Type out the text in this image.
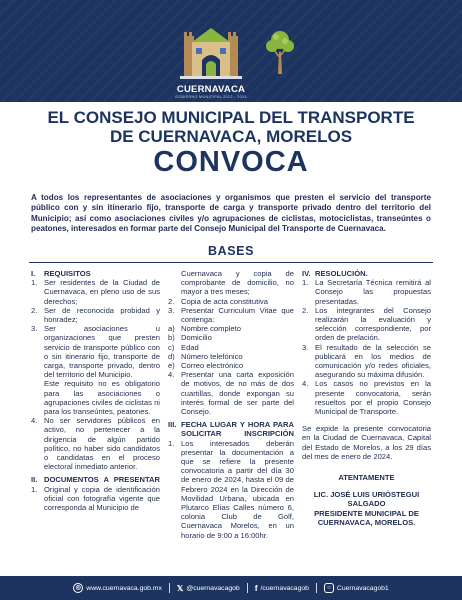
CUERNAVACA
GOBIERNO MUNICIPAL 2022 - 2024
EL CONSEJO MUNICIPAL DEL TRANSPORTE
DE CUERNAVACA, MORELOS
CONVOCA

A todos los representantes de asociaciones y organismos que presten el servicio del transporte público con y sin itinerario fijo, transporte de carga y transporte privado dentro del territorio del Municipio; así como asociaciones civiles y/o agrupaciones de ciclistas, motociclistas, transeúntes o peatones, interesados en formar parte del Consejo Municipal del Transporte de Cuernavaca.

BASES
I. REQUISITOS
1. Ser residentes de la Ciudad de Cuernavaca, en pleno uso de sus derechos;
2. Ser de reconocida probidad y honradez;
3. Ser asociaciones u organizaciones que presten servicio de transporte público con o sin itinerario fijo, transporte de carga, transporte privado, dentro del territorio del Municipio.
Este requisito no es obligatorio para las asociaciones o agrupaciones civiles de ciclistas ni para los transeúntes, peatones.
4. No ser servidores públicos en activo, no pertenecer a la dirigencia de algún partido político, no haber sido candidatos o candidatas en el proceso electoral inmediato anterior.
II. DOCUMENTOS A PRESENTAR
1. Original y copia de identificación oficial con fotografía vigente que corresponda al Municipio de
Cuernavaca y copia de comprobante de domicilio, no mayor a tres meses;
2. Copia de acta constitutiva
3. Presentar Curriculum Vitae que contenga:
a) Nombre completo
b) Domicilio
c) Edad
d) Número telefónico
e) Correo electrónico
4. Presentar una carta exposición de motivos, de no más de dos cuartillas, donde expongan su interés formal de ser parte del Consejo.
III. FECHA LUGAR Y HORA PARA SOLICITAR INSCRIPCIÓN
1. Los interesados deberán presentar la documentación a que se refiere la presente convocatoria a partir del día 30 de enero de 2024, hasta el 09 de Febrero 2024 en la Dirección de Movilidad Urbana, ubicada en Plutarco Elías Calles número 6, colonia Club de Golf, Cuernavaca Morelos, en un horario de 9:00 a 16:00hr.
IV. RESOLUCIÓN.
1. La Secretaría Técnica remitirá al Consejo las propuestas presentadas.
2. Los integrantes del Consejo realizarán la evaluación y selección correspondiente, por orden de prelación.
3. El resultado de la selección se publicará en los medios de comunicación y/o redes oficiales, asegurando su máxima difusión.
4. Los casos no previstos en la presente convocatoria, serán resueltos por el propio Consejo Municipal de Transporte.
Se expide la presente convocatoria en la Ciudad de Cuernavaca, Capital del Estado de Morelos, a los 29 días del mes de enero de 2024.
ATENTAMENTE
LIC. JOSÉ LUIS URIÓSTEGUI SALGADO
PRESIDENTE MUNICIPAL DE CUERNAVACA, MORELOS.
◎ www.cuernavaca.gob.mx 𝕏 @cuernavacagob f /cuernavacagob	○ Cuernavacagob1
